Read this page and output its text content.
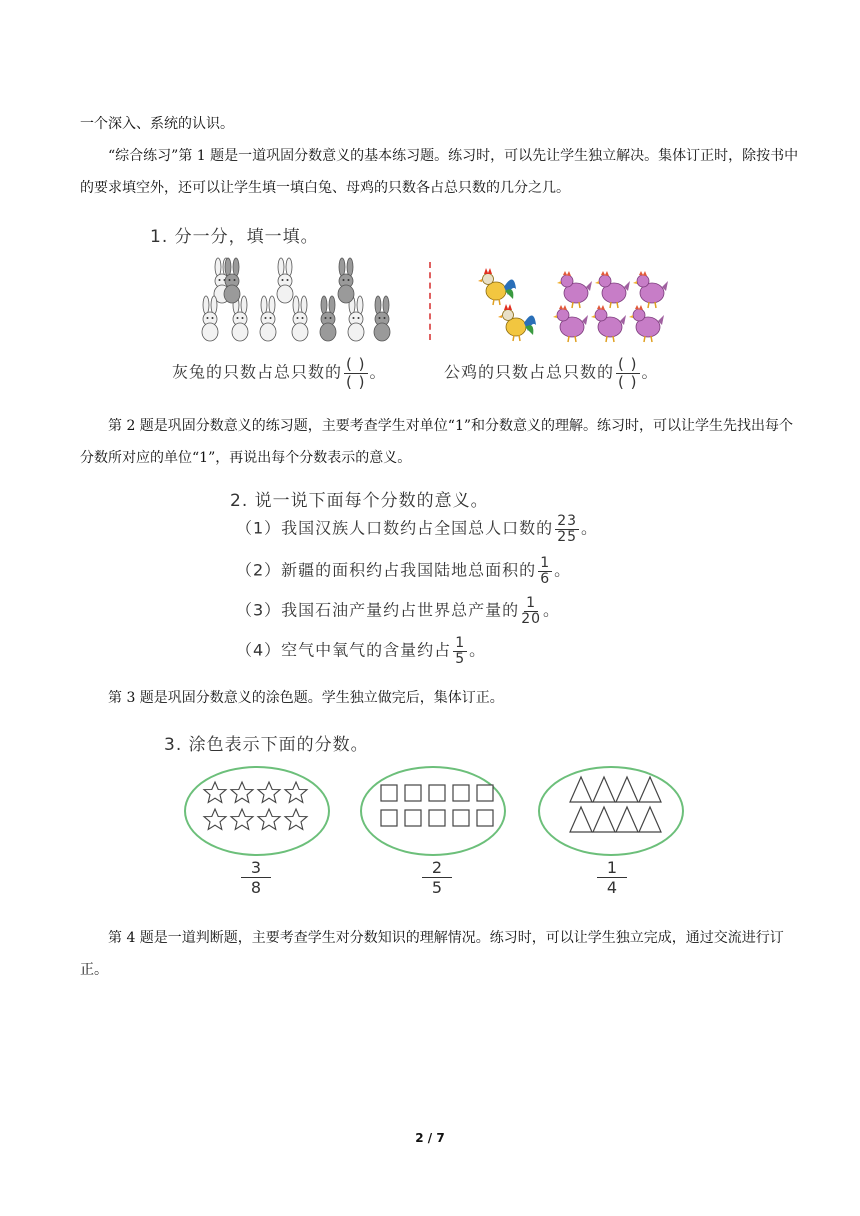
一个深入、系统的认识。

“综合练习”第 1 题是一道巩固分数意义的基本练习题。练习时，可以先让学生独立解决。集体订正时，除按书中的要求填空外，还可以让学生填一填白兔、母鸡的只数各占总只数的几分之几。

1. 分一分，填一填。
灰兔的只数占总只数的 $\frac{( )}{( )}$ 。	公鸡的只数占总只数的 $\frac{( )}{( )}$ 。

第 2 题是巩固分数意义的练习题，主要考查学生对单位“1”和分数意义的理解。练习时，可以让学生先找出每个分数所对应的单位“1”，再说出每个分数表示的意义。

2. 说一说下面每个分数的意义。
（1）我国汉族人口数约占全国总人口数的 $\frac{23}{25}$ 。
（2）新疆的面积约占我国陆地总面积的 $\frac{1}{6}$ 。
（3）我国石油产量约占世界总产量的 $\frac{1}{20}$ 。
（4）空气中氧气的含量约占 $\frac{1}{5}$ 。

第 3 题是巩固分数意义的涂色题。学生独立做完后，集体订正。

3. 涂色表示下面的分数。
$\frac{3}{8}$	$\frac{2}{5}$	$\frac{1}{4}$

第 4 题是一道判断题，主要考查学生对分数知识的理解情况。练习时，可以让学生独立完成，通过交流进行订正。

2 / 7
